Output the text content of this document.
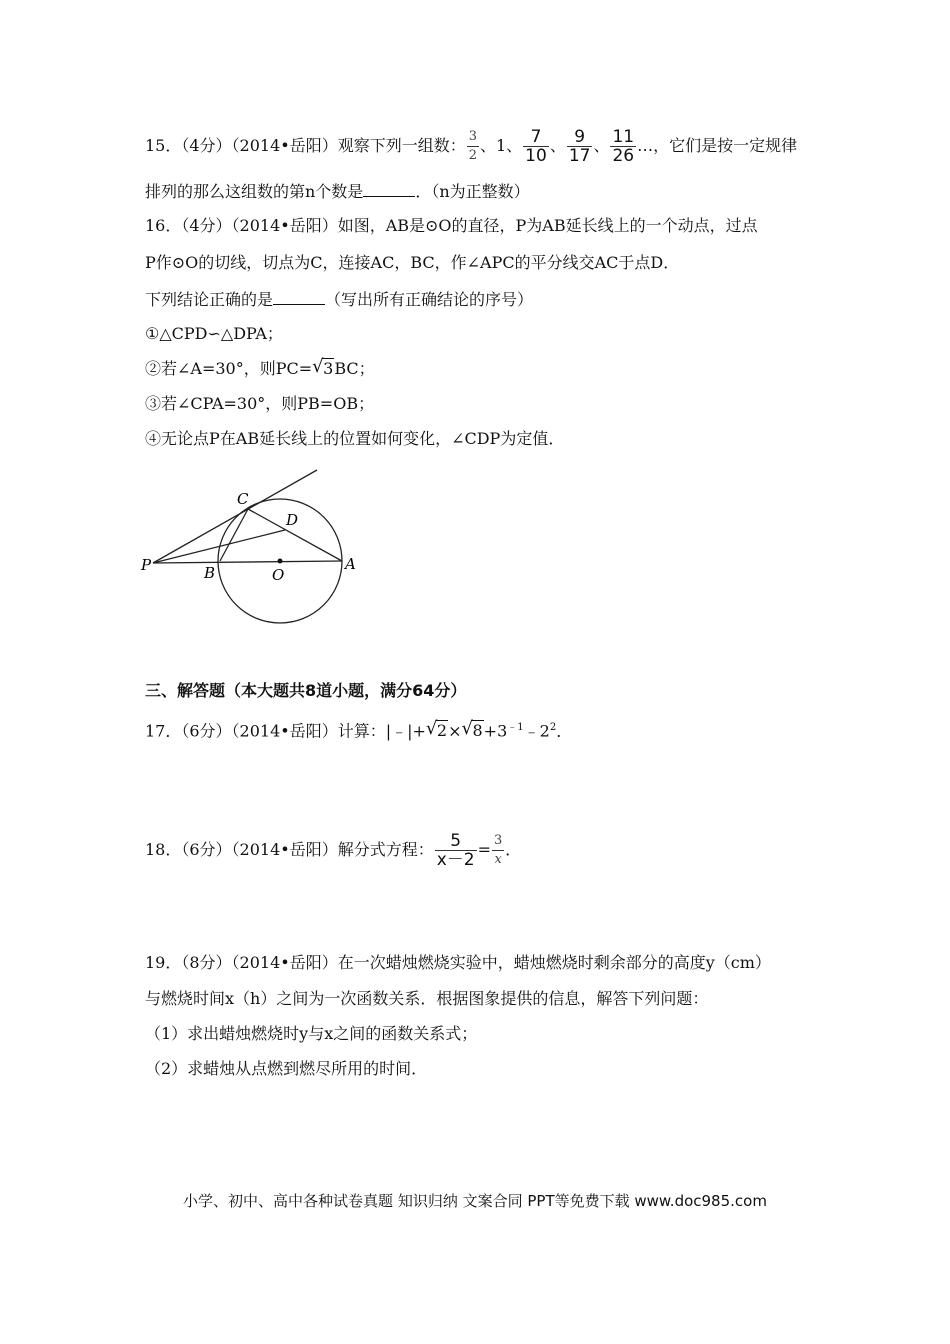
15．（4分）（2014•岳阳）观察下列一组数： $\frac{3}{2}$ 、1、 $\frac{7}{10}$ 、 $\frac{9}{17}$ 、 $\frac{11}{26}$ …，它们是按一定规律
排列的那么这组数的第n个数是	．（n为正整数）
16．（4分）（2014•岳阳）如图，AB是⊙O的直径，P为AB延长线上的一个动点，过点
P作⊙O的切线，切点为C，连接AC，BC，作∠APC的平分线交AC于点D．
下列结论正确的是	（写出所有正确结论的序号）
①△CPD∽△DPA；
②若∠A=30°，则PC= √ 3BC；
③若∠CPA=30°，则PB=OB；
④无论点P在AB延长线上的位置如何变化，∠CDP为定值．
C
D
P	B	O
A
三、解答题（本大题共8道小题，满分64分）
17．（6分）（2014•岳阳）计算：|﹣|+ √ 2× √ $8+3^{﹣1}﹣2^2$．
18．（6分）（2014•岳阳）解分式方程： $\frac{5}{x-2} = \frac{3}{x}$ ．
19．（8分）（2014•岳阳）在一次蜡烛燃烧实验中，蜡烛燃烧时剩余部分的高度y（cm）
与燃烧时间x（h）之间为一次函数关系．根据图象提供的信息，解答下列问题：
（1）求出蜡烛燃烧时y与x之间的函数关系式；
（2）求蜡烛从点燃到燃尽所用的时间．
小学、初中、高中各种试卷真题 知识归纳 文案合同 PPT等免费下载 www.doc985.com
